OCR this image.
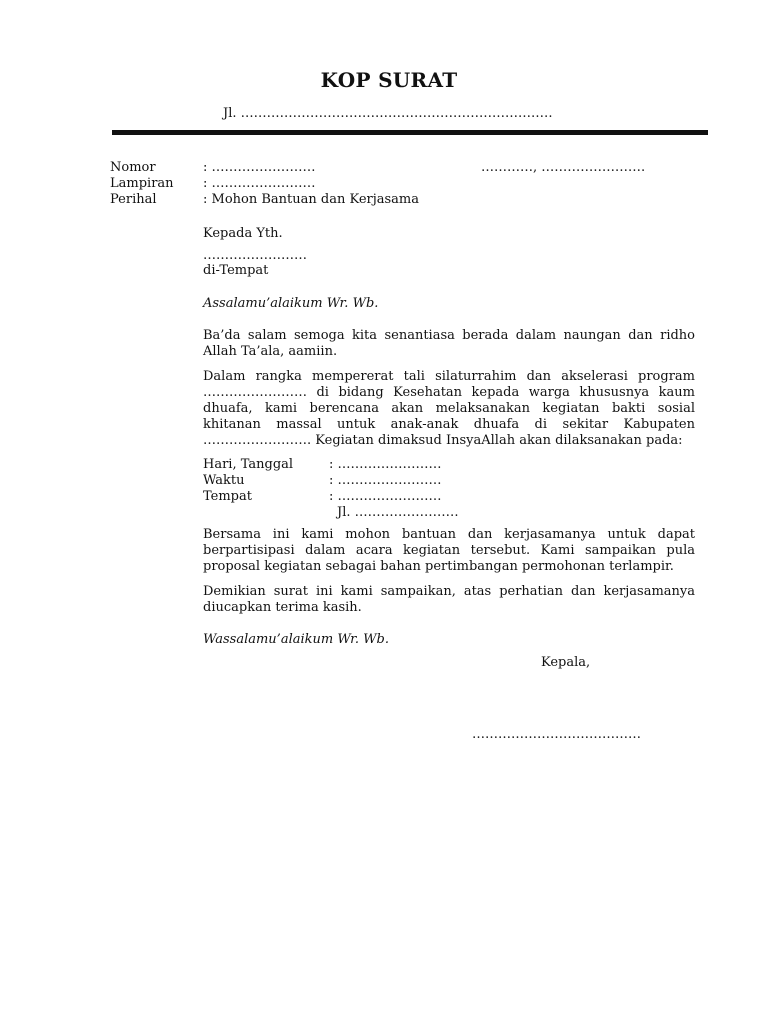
KOP SURAT
Jl. ………………………………………………………………
Nomor	: ……………………	…………, ……………………
Lampiran : ……………………
Perihal	: Mohon Bantuan dan Kerjasama
Kepada Yth.
……………………
di-Tempat
Assalamu’alaikum Wr. Wb.

Ba’da salam semoga kita senantiasa berada dalam naungan dan ridho Allah Ta’ala, aamiin.

Dalam rangka mempererat tali silaturrahim dan akselerasi program …………………… di bidang Kesehatan kepada warga khususnya kaum dhuafa, kami berencana akan melaksanakan kegiatan bakti sosial khitanan massal untuk anak-anak dhuafa di sekitar Kabupaten ……………………. Kegiatan dimaksud InsyaAllah akan dilaksanakan pada:

Hari, Tanggal	: ……………………
Waktu	: ……………………
Tempat	: ……………………
Jl. ……………………

Bersama ini kami mohon bantuan dan kerjasamanya untuk dapat berpartisipasi dalam acara kegiatan tersebut. Kami sampaikan pula proposal kegiatan sebagai bahan pertimbangan permohonan terlampir.

Demikian surat ini kami sampaikan, atas perhatian dan kerjasamanya diucapkan terima kasih.

Wassalamu’alaikum Wr. Wb.
Kepala,
…………………………………
